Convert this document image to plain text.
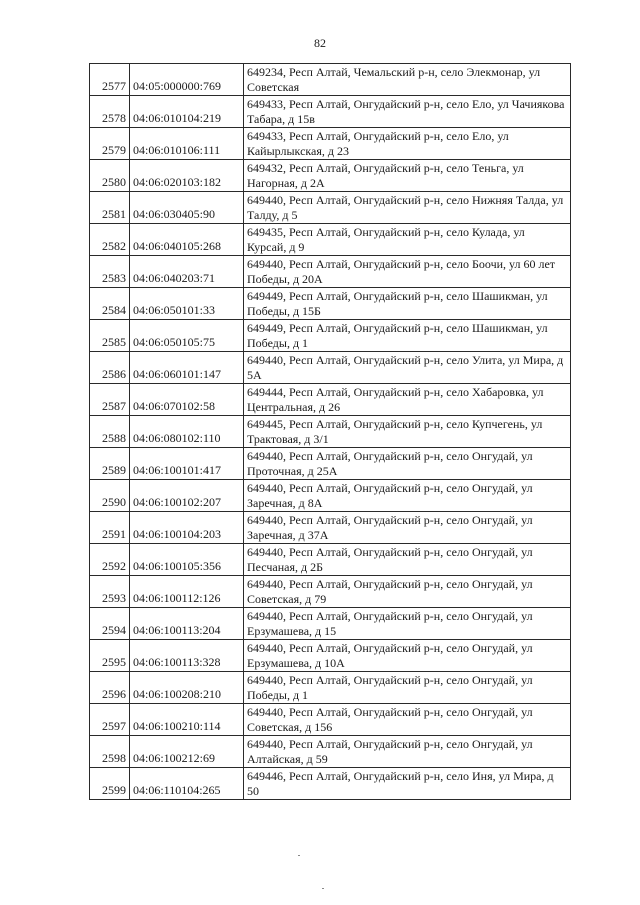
82
2577	04:05:000000:769	649234, Респ Алтай, Чемальский р-н, село Элекмонар, ул Советская
2578	04:06:010104:219	649433, Респ Алтай, Онгудайский р-н, село Ело, ул Чачиякова Табара, д 15в
2579	04:06:010106:111	649433, Респ Алтай, Онгудайский р-н, село Ело, ул Кайырлыкская, д 23
2580	04:06:020103:182	649432, Респ Алтай, Онгудайский р-н, село Теньга, ул Нагорная, д 2А
2581	04:06:030405:90	649440, Респ Алтай, Онгудайский р-н, село Нижняя Талда, ул Талду, д 5
2582	04:06:040105:268	649435, Респ Алтай, Онгудайский р-н, село Кулада, ул Курсай, д 9
2583	04:06:040203:71	649440, Респ Алтай, Онгудайский р-н, село Боочи, ул 60 лет Победы, д 20А
2584	04:06:050101:33	649449, Респ Алтай, Онгудайский р-н, село Шашикман, ул Победы, д 15Б
2585	04:06:050105:75	649449, Респ Алтай, Онгудайский р-н, село Шашикман, ул Победы, д 1
2586	04:06:060101:147	649440, Респ Алтай, Онгудайский р-н, село Улита, ул Мира, д 5А
2587	04:06:070102:58	649444, Респ Алтай, Онгудайский р-н, село Хабаровка, ул Центральная, д 26
2588	04:06:080102:110	649445, Респ Алтай, Онгудайский р-н, село Купчегень, ул Трактовая, д 3/1
2589	04:06:100101:417	649440, Респ Алтай, Онгудайский р-н, село Онгудай, ул Проточная, д 25А
2590	04:06:100102:207	649440, Респ Алтай, Онгудайский р-н, село Онгудай, ул Заречная, д 8А
2591	04:06:100104:203	649440, Респ Алтай, Онгудайский р-н, село Онгудай, ул Заречная, д 37А
2592	04:06:100105:356	649440, Респ Алтай, Онгудайский р-н, село Онгудай, ул Песчаная, д 2Б
2593	04:06:100112:126	649440, Респ Алтай, Онгудайский р-н, село Онгудай, ул Советская, д 79
2594	04:06:100113:204	649440, Респ Алтай, Онгудайский р-н, село Онгудай, ул Ерзумашева, д 15
2595	04:06:100113:328	649440, Респ Алтай, Онгудайский р-н, село Онгудай, ул Ерзумашева, д 10А
2596	04:06:100208:210	649440, Респ Алтай, Онгудайский р-н, село Онгудай, ул Победы, д 1
2597	04:06:100210:114	649440, Респ Алтай, Онгудайский р-н, село Онгудай, ул Советская, д 156
2598	04:06:100212:69	649440, Респ Алтай, Онгудайский р-н, село Онгудай, ул Алтайская, д 59
2599	04:06:110104:265	649446, Респ Алтай, Онгудайский р-н, село Иня, ул Мира, д 50
